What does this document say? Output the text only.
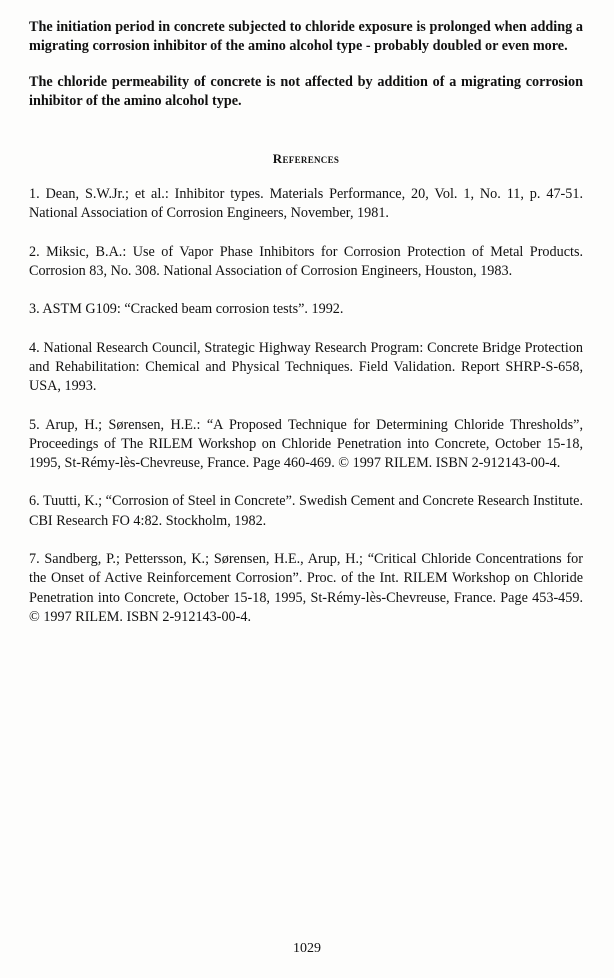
The initiation period in concrete subjected to chloride exposure is prolonged when adding a migrating corrosion inhibitor of the amino alcohol type - probably doubled or even more.

The chloride permeability of concrete is not affected by addition of a migrating corrosion inhibitor of the amino alcohol type.

References
1. Dean, S.W.Jr.; et al.: Inhibitor types. Materials Performance, 20, Vol. 1, No. 11, p. 47-51. National Association of Corrosion Engineers, November, 1981.
2. Miksic, B.A.: Use of Vapor Phase Inhibitors for Corrosion Protection of Metal Products. Corrosion 83, No. 308. National Association of Corrosion Engineers, Houston, 1983.
3. ASTM G109: “Cracked beam corrosion tests”. 1992.
4. National Research Council, Strategic Highway Research Program: Concrete Bridge Protection and Rehabilitation: Chemical and Physical Techniques. Field Validation. Report SHRP-S-658, USA, 1993.
5. Arup, H.; Sørensen, H.E.: “A Proposed Technique for Determining Chloride Thresholds”, Proceedings of The RILEM Workshop on Chloride Penetration into Concrete, October 15-18, 1995, St-Rémy-lès-Chevreuse, France. Page 460-469. © 1997 RILEM. ISBN 2-912143-00-4.
6. Tuutti, K.; “Corrosion of Steel in Concrete”. Swedish Cement and Concrete Research Institute. CBI Research FO 4:82. Stockholm, 1982.
7. Sandberg, P.; Pettersson, K.; Sørensen, H.E., Arup, H.; “Critical Chloride Concentrations for the Onset of Active Reinforcement Corrosion”. Proc. of the Int. RILEM Workshop on Chloride Penetration into Concrete, October 15-18, 1995, St-Rémy-lès-Chevreuse, France. Page 453-459. © 1997 RILEM. ISBN 2-912143-00-4.
1029
